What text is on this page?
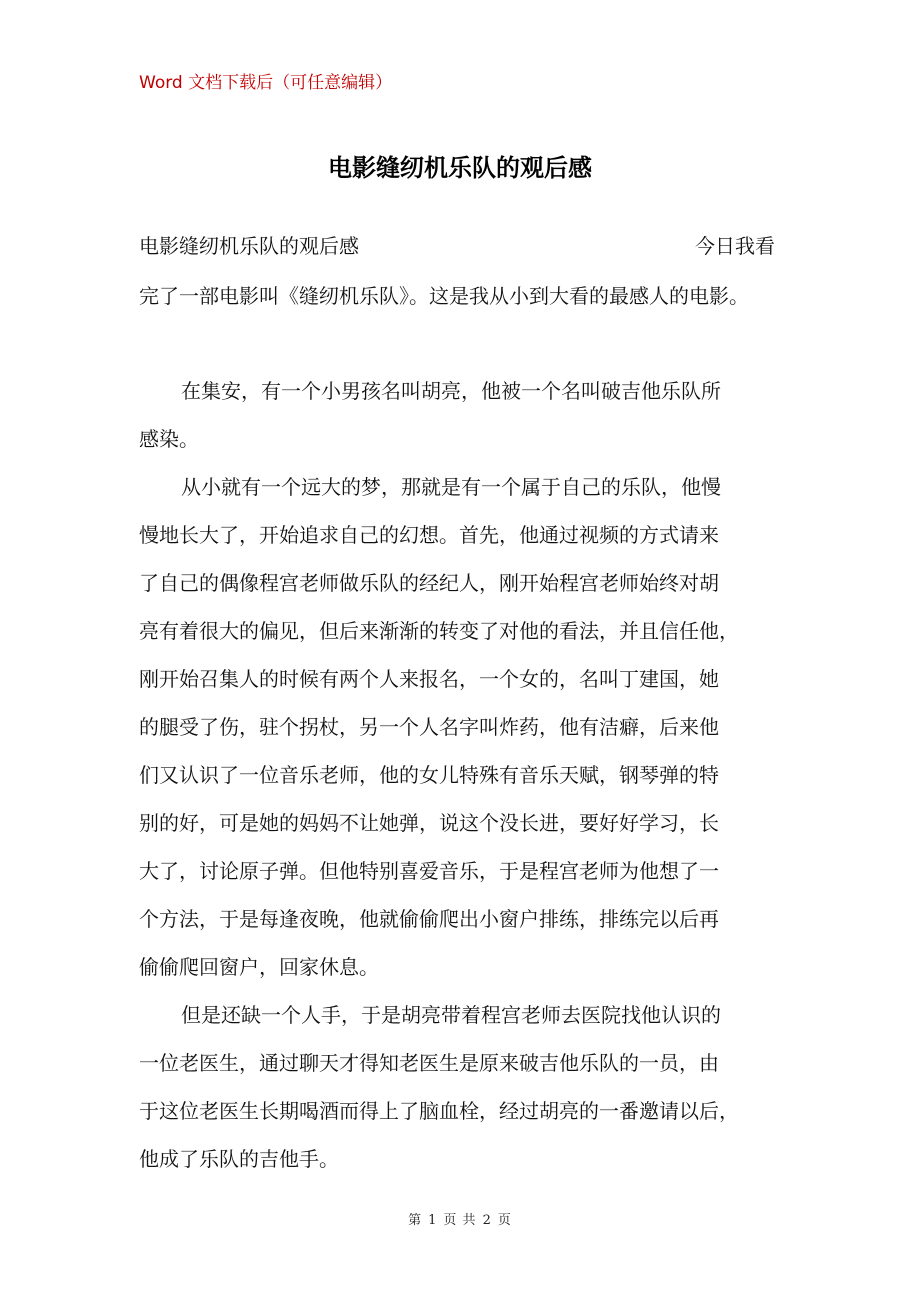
Word 文档下载后（可任意编辑）
电影缝纫机乐队的观后感
电影缝纫机乐队的观后感	今日我看
完了一部电影叫《缝纫机乐队》。这是我从小到大看的最感人的电影。
在集安，有一个小男孩名叫胡亮，他被一个名叫破吉他乐队所
感染。
从小就有一个远大的梦，那就是有一个属于自己的乐队，他慢
慢地长大了，开始追求自己的幻想。首先，他通过视频的方式请来
了自己的偶像程宫老师做乐队的经纪人，刚开始程宫老师始终对胡
亮有着很大的偏见，但后来渐渐的转变了对他的看法，并且信任他，
刚开始召集人的时候有两个人来报名，一个女的，名叫丁建国，她
的腿受了伤，驻个拐杖，另一个人名字叫炸药，他有洁癖，后来他
们又认识了一位音乐老师，他的女儿特殊有音乐天赋，钢琴弹的特
别的好，可是她的妈妈不让她弹，说这个没长进，要好好学习，长
大了，讨论原子弹。但他特别喜爱音乐，于是程宫老师为他想了一
个方法，于是每逢夜晚，他就偷偷爬出小窗户排练，排练完以后再
偷偷爬回窗户，回家休息。
但是还缺一个人手，于是胡亮带着程宫老师去医院找他认识的
一位老医生，通过聊天才得知老医生是原来破吉他乐队的一员，由
于这位老医生长期喝酒而得上了脑血栓，经过胡亮的一番邀请以后，
他成了乐队的吉他手。
第 1 页 共 2 页
